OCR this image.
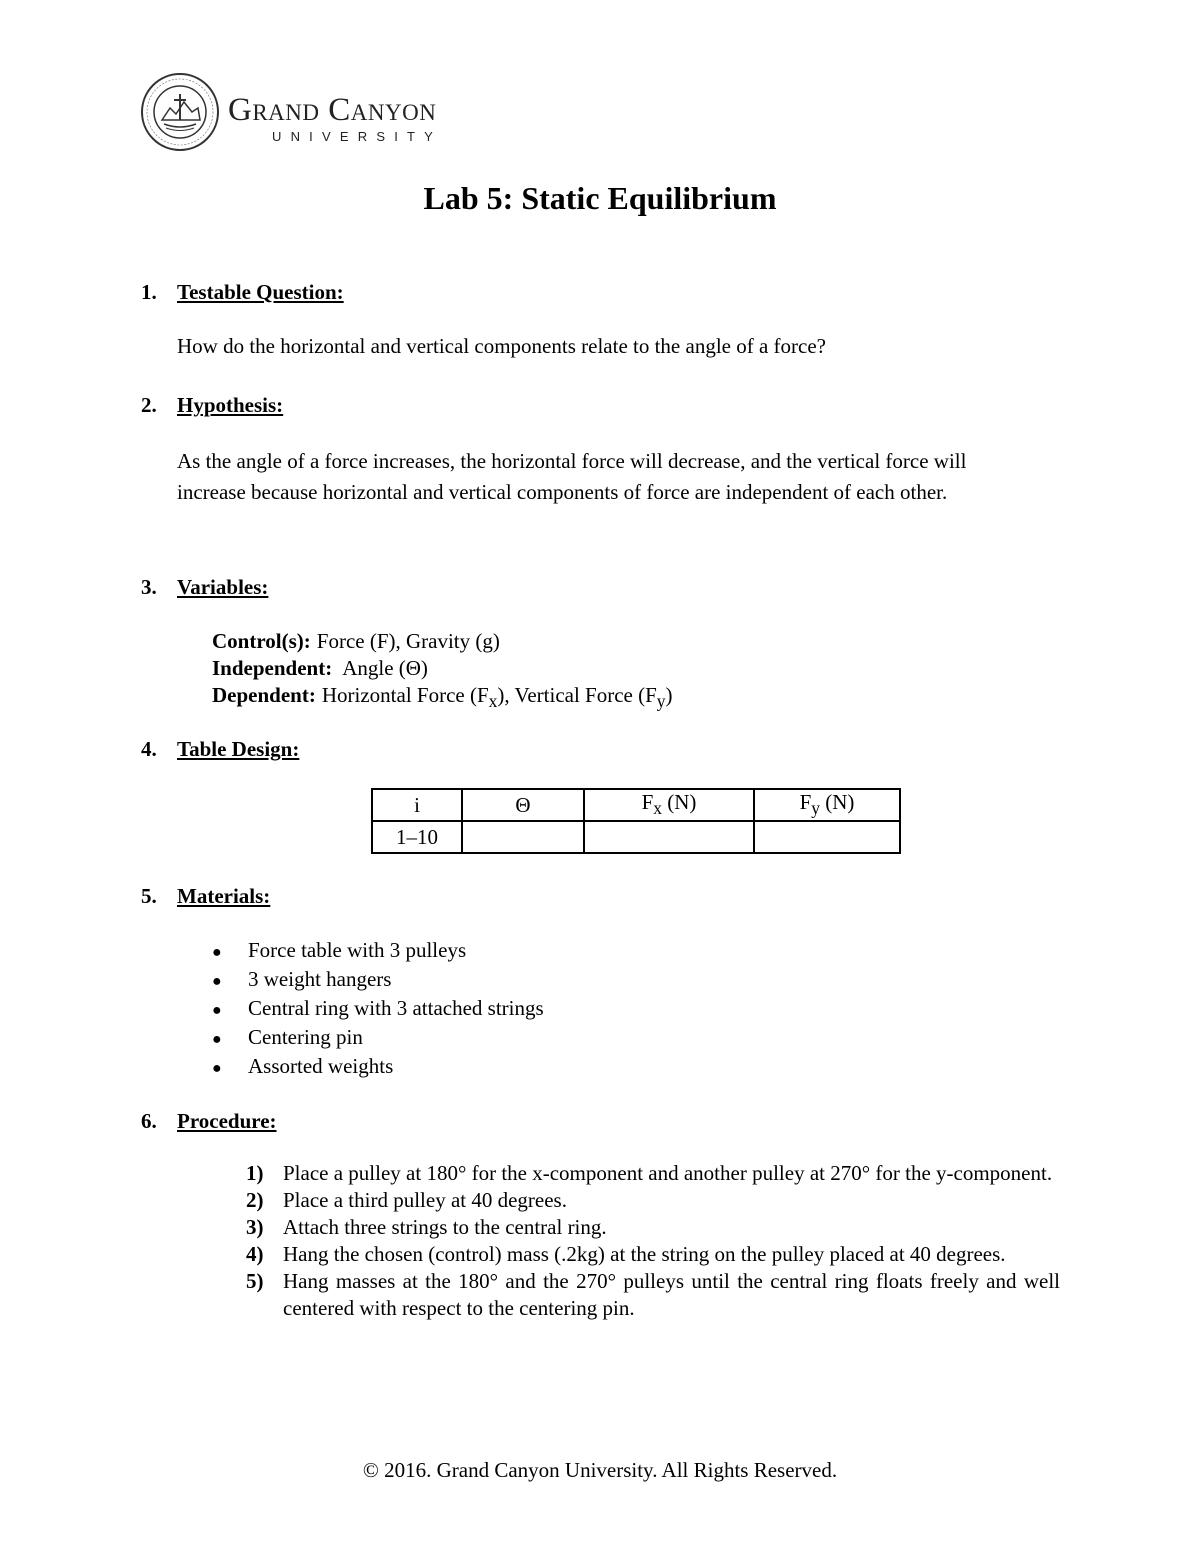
Grand Canyon
UNIVERSITY
Lab 5: Static Equilibrium
1. Testable Question:
How do the horizontal and vertical components relate to the angle of a force?
2. Hypothesis:
As the angle of a force increases, the horizontal force will decrease, and the vertical force will increase because horizontal and vertical components of force are independent of each other.
3. Variables:
Control(s): Force (F), Gravity (g)
Independent: Angle (Θ)
Dependent: Horizontal Force $(F_x)$, Vertical Force $(F_y)$
4. Table Design:
i	Θ	$F_x$ (N)	$F_y$ (N)
1–10			
5. Materials:
● Force table with 3 pulleys
● 3 weight hangers
● Central ring with 3 attached strings
● Centering pin
● Assorted weights
6. Procedure:
1) Place a pulley at 180° for the x-component and another pulley at 270° for the y-component.
2) Place a third pulley at 40 degrees.
3) Attach three strings to the central ring.
4) Hang the chosen (control) mass (.2kg) at the string on the pulley placed at 40 degrees.
5) Hang masses at the 180° and the 270° pulleys until the central ring floats freely and well centered with respect to the centering pin.
© 2016. Grand Canyon University. All Rights Reserved.
